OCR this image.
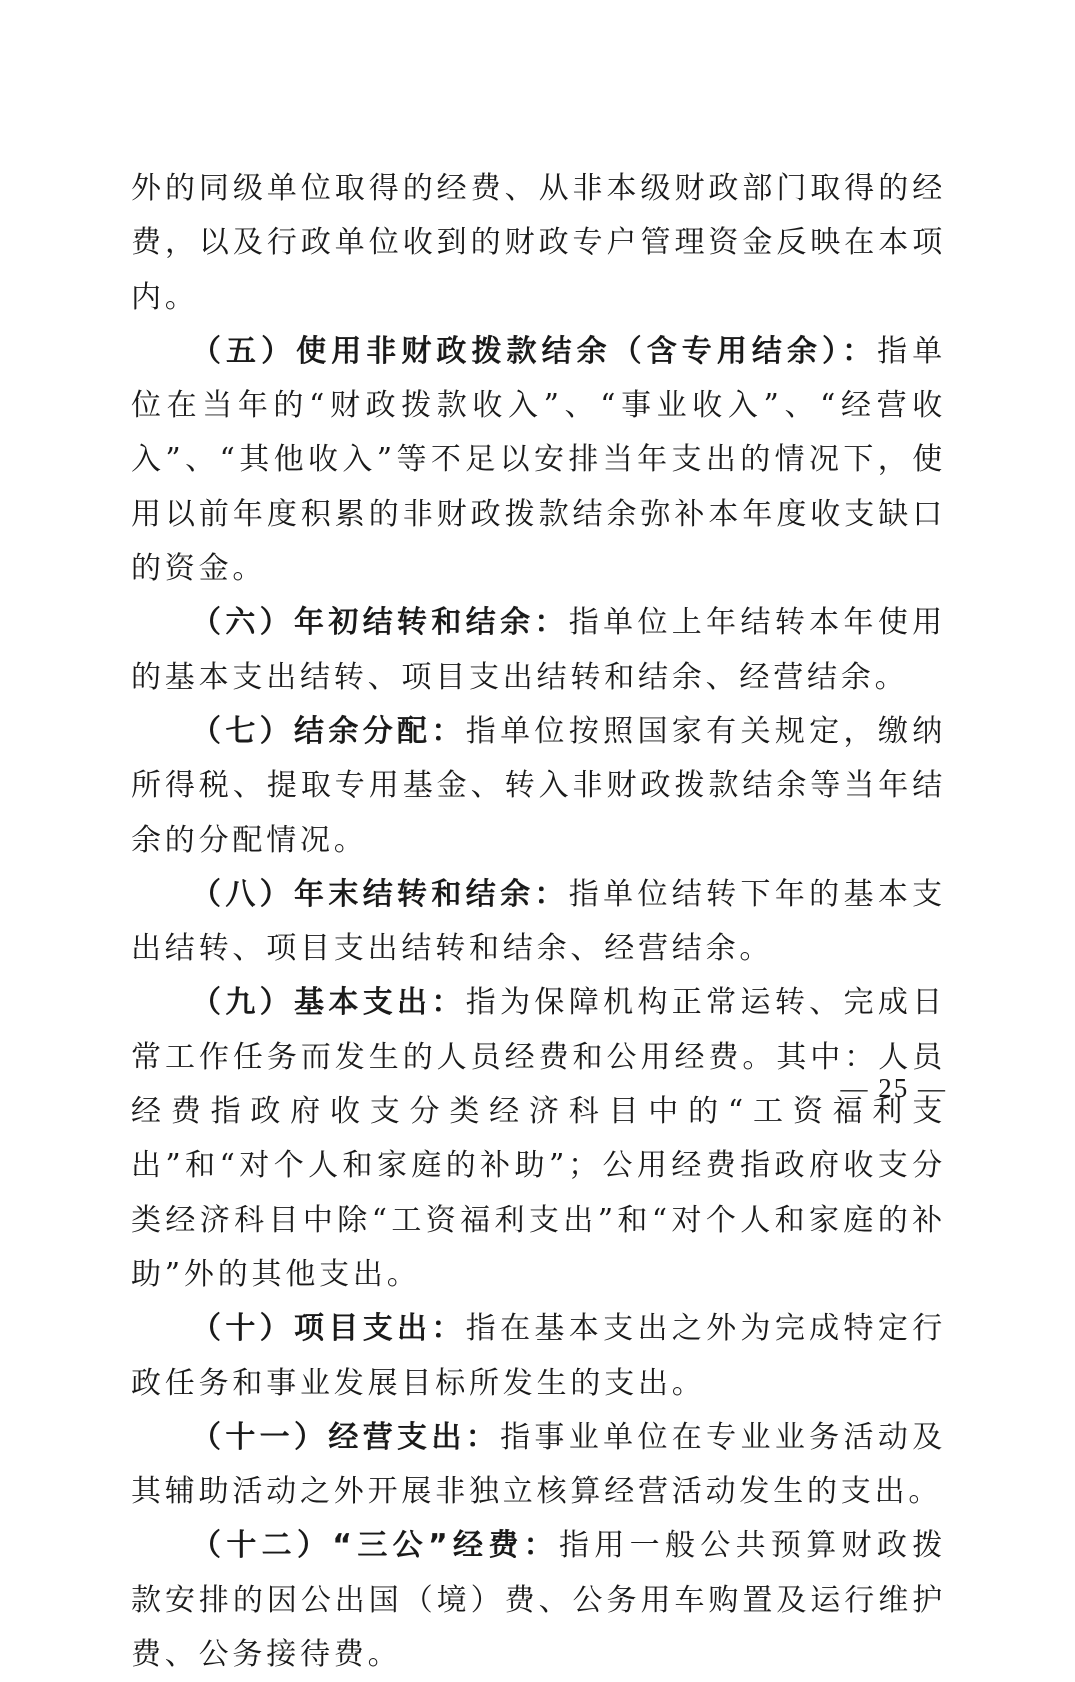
外的同级单位取得的经费、从非本级财政部门取得的经费，以及行政单位收到的财政专户管理资金反映在本项内。

（五）使用非财政拨款结余（含专用结余）：指单位在当年的“财政拨款收入”、“事业收入”、“经营收入”、“其他收入”等不足以安排当年支出的情况下，使用以前年度积累的非财政拨款结余弥补本年度收支缺口的资金。

（六）年初结转和结余：指单位上年结转本年使用的基本支出结转、项目支出结转和结余、经营结余。

（七）结余分配：指单位按照国家有关规定，缴纳所得税、提取专用基金、转入非财政拨款结余等当年结余的分配情况。

（八）年末结转和结余：指单位结转下年的基本支出结转、项目支出结转和结余、经营结余。

（九）基本支出：指为保障机构正常运转、完成日常工作任务而发生的人员经费和公用经费。其中：人员经费指政府收支分类经济科目中的“工资福利支出”和“对个人和家庭的补助”；公用经费指政府收支分类经济科目中除“工资福利支出”和“对个人和家庭的补助”外的其他支出。

（十）项目支出：指在基本支出之外为完成特定行政任务和事业发展目标所发生的支出。

（十一）经营支出：指事业单位在专业业务活动及其辅助活动之外开展非独立核算经营活动发生的支出。

（十二）“三公”经费：指用一般公共预算财政拨款安排的因公出国（境）费、公务用车购置及运行维护费、公务接待费。

— 25 —
